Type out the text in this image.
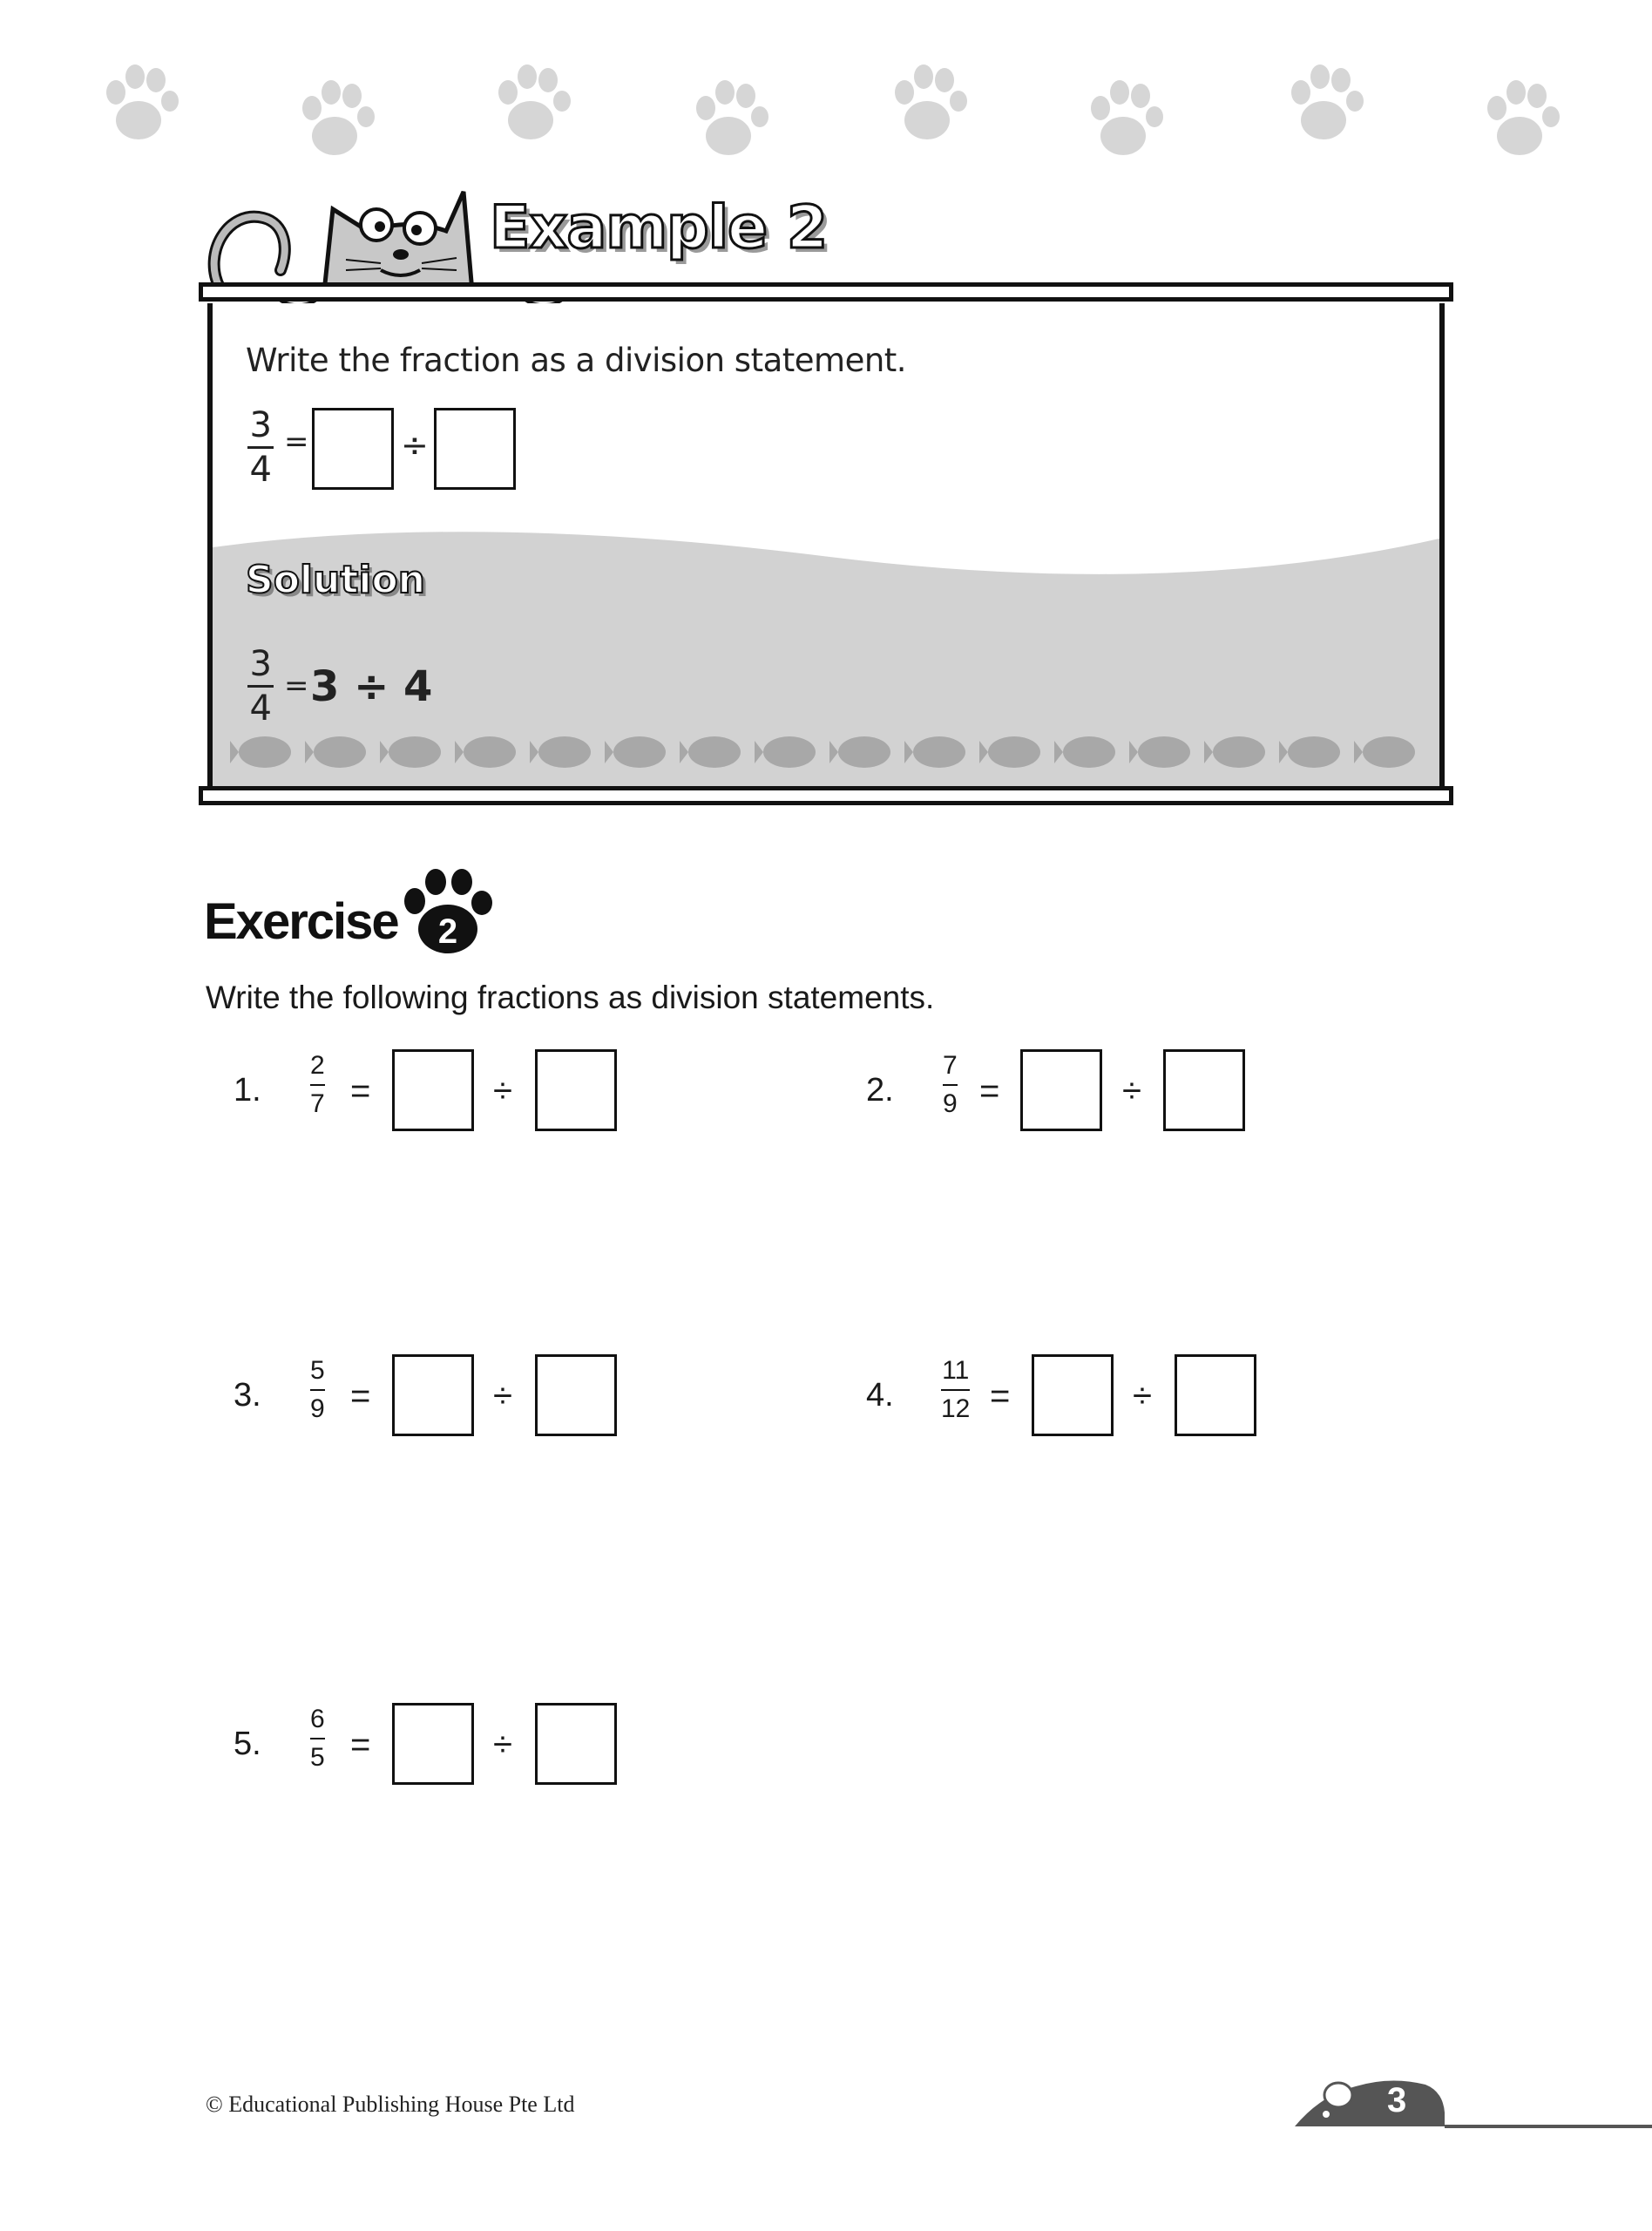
Example 2
Write the fraction as a division statement.
3
4
=	÷
Solution
3
4
= 3 ÷ 4
Exercise 2
Write the following fractions as division statements.
1.
2
7 =	÷	2.
7
9 =	÷
3.
5
9 =	÷	4.
11
12 =	÷
5.
6
5 =	÷
© Educational Publishing House Pte Ltd	3
